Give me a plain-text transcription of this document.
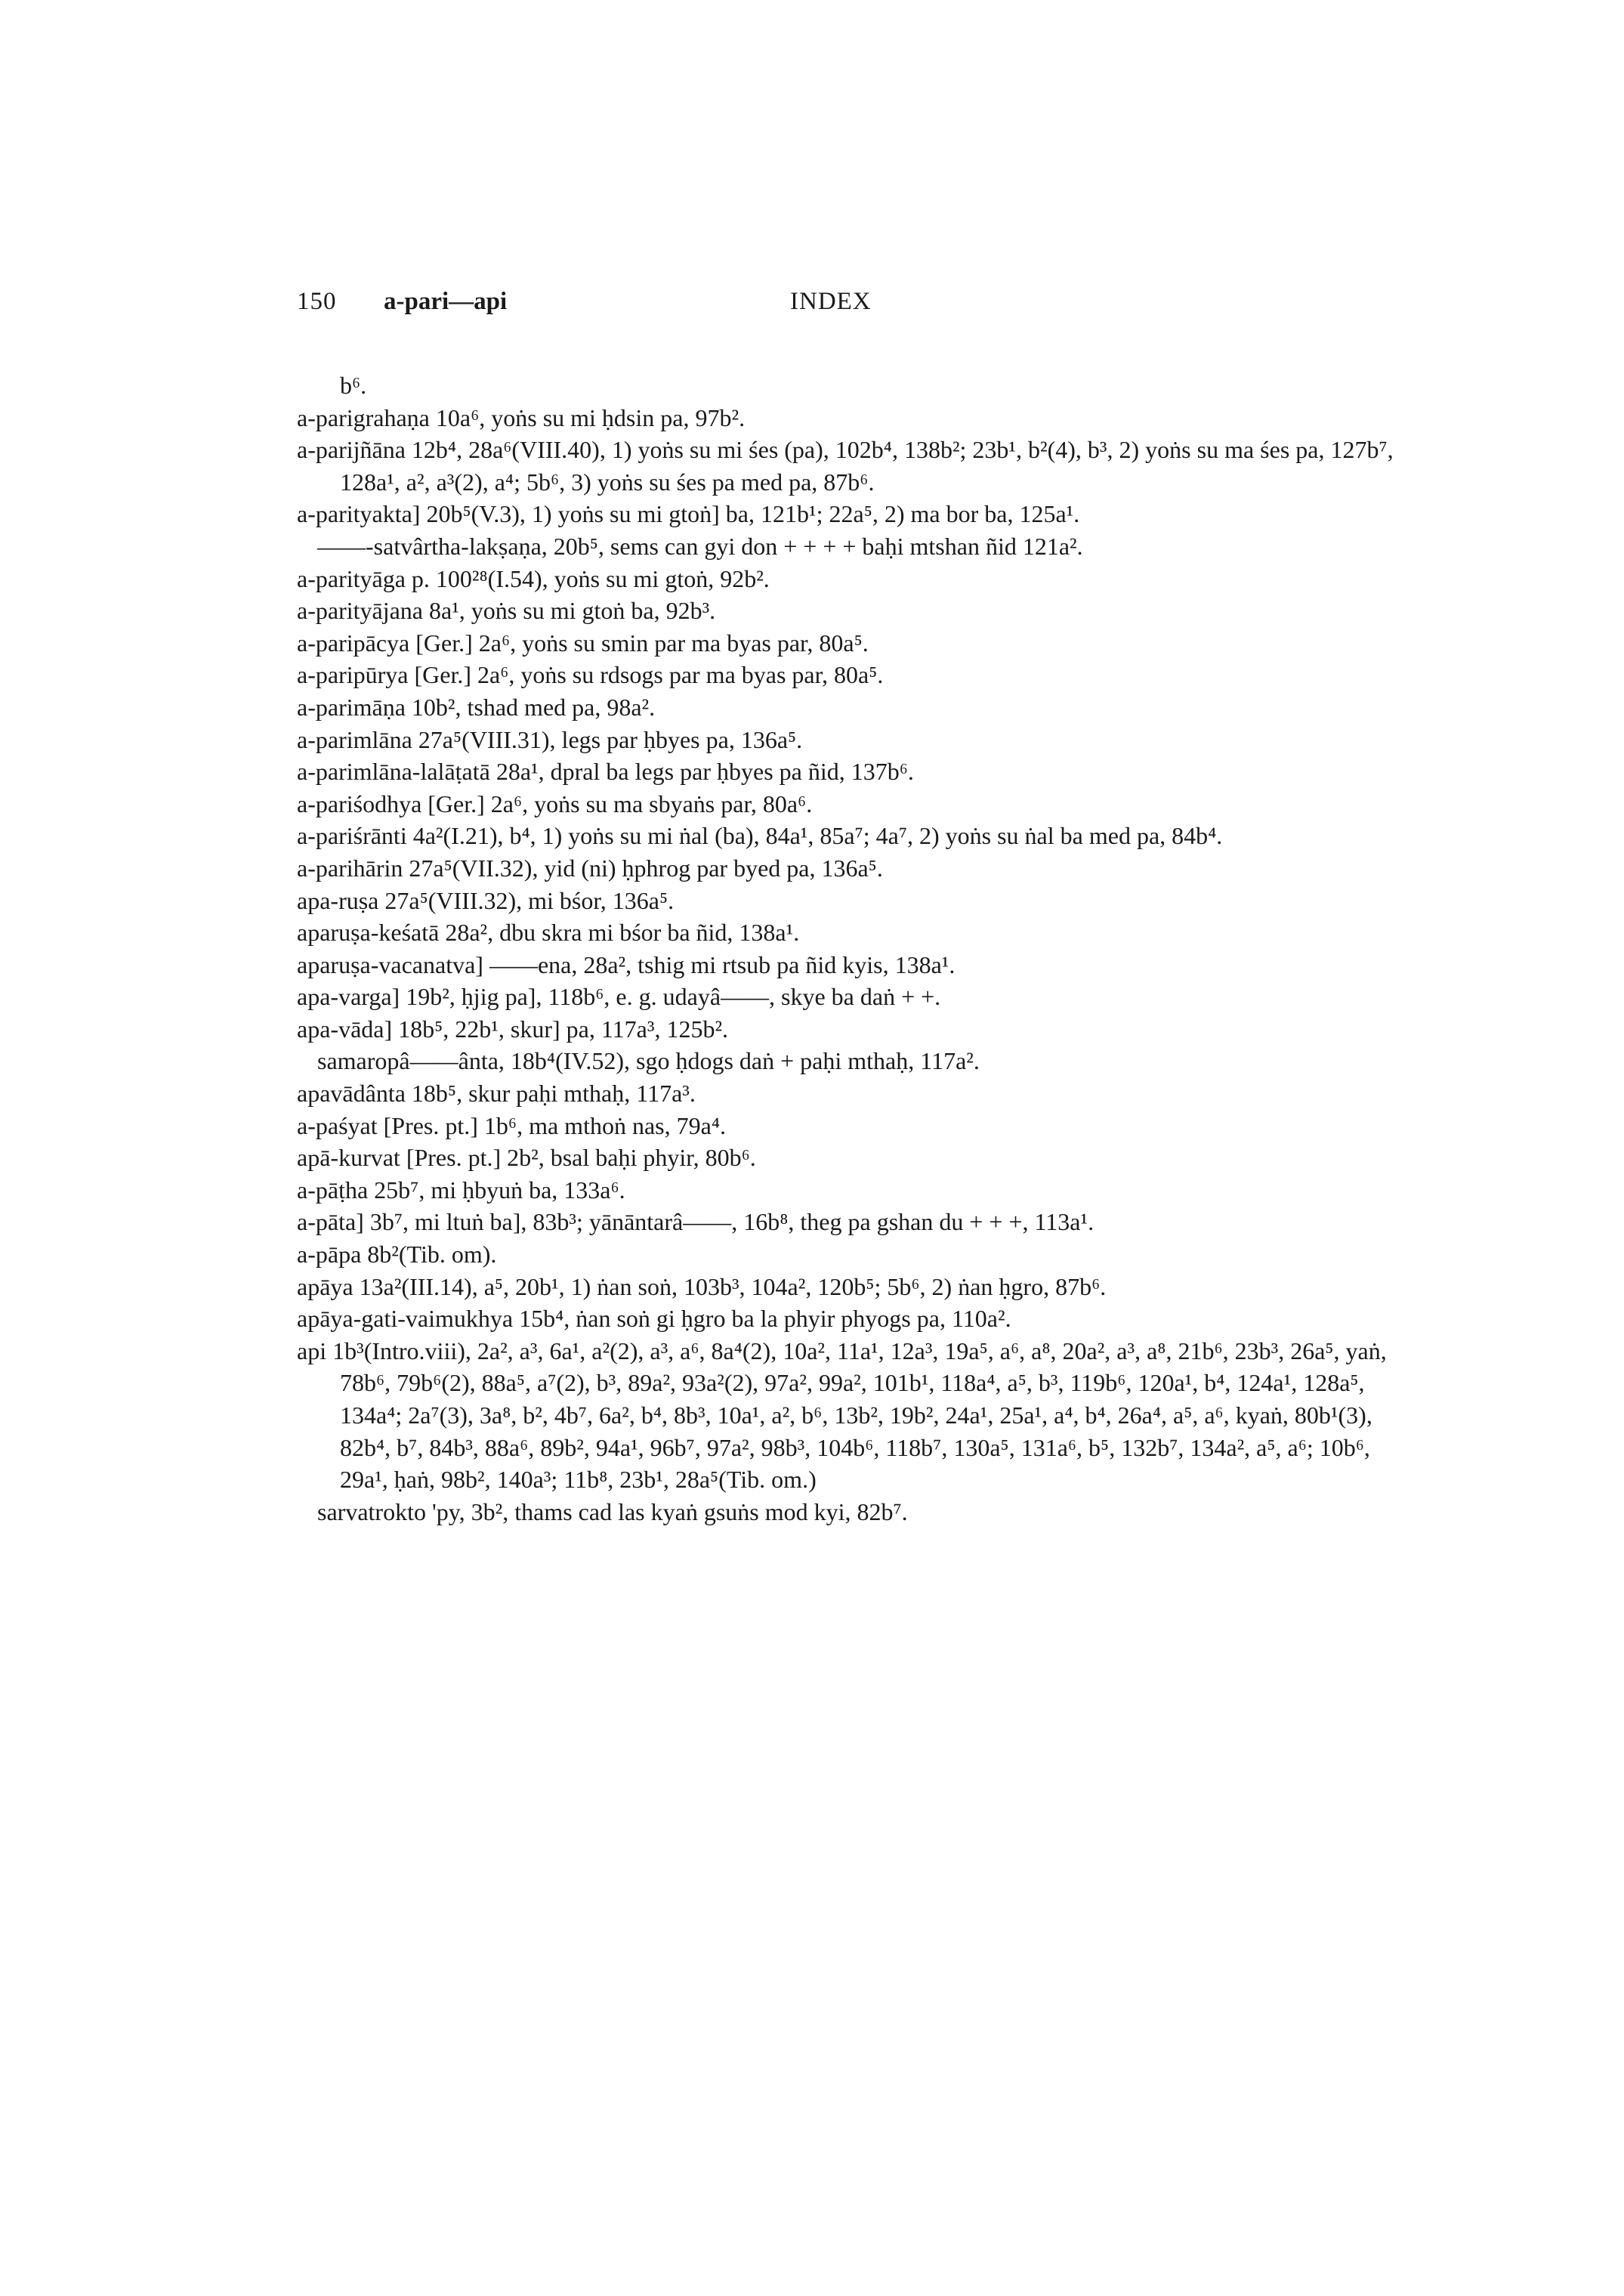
150 a-pari—api	INDEX

b⁶.

a-parigrahaṇa 10a⁶, yoṅs su mi ḥdsin pa, 97b².

a-parijñāna 12b⁴, 28a⁶(VIII.40), 1) yoṅs su mi śes (pa), 102b⁴, 138b²; 23b¹, b²(4), b³, 2) yoṅs su ma śes pa, 127b⁷, 128a¹, a², a³(2), a⁴; 5b⁶, 3) yoṅs su śes pa med pa, 87b⁶.

a-parityakta] 20b⁵(V.3), 1) yoṅs su mi gtoṅ] ba, 121b¹; 22a⁵, 2) ma bor ba, 125a¹.

——-satvârtha-lakṣaṇa, 20b⁵, sems can gyi don + + + + baḥi mtshan ñid 121a².

a-parityāga p. 100²⁸(I.54), yoṅs su mi gtoṅ, 92b².

a-parityājana 8a¹, yoṅs su mi gtoṅ ba, 92b³.

a-paripācya [Ger.] 2a⁶, yoṅs su smin par ma byas par, 80a⁵.

a-paripūrya [Ger.] 2a⁶, yoṅs su rdsogs par ma byas par, 80a⁵.

a-parimāṇa 10b², tshad med pa, 98a².

a-parimlāna 27a⁵(VIII.31), legs par ḥbyes pa, 136a⁵.

a-parimlāna-lalāṭatā 28a¹, dpral ba legs par ḥbyes pa ñid, 137b⁶.

a-pariśodhya [Ger.] 2a⁶, yoṅs su ma sbyaṅs par, 80a⁶.

a-pariśrānti 4a²(I.21), b⁴, 1) yoṅs su mi ṅal (ba), 84a¹, 85a⁷; 4a⁷, 2) yoṅs su ṅal ba med pa, 84b⁴.

a-parihārin 27a⁵(VII.32), yid (ni) ḥphrog par byed pa, 136a⁵.

apa-ruṣa 27a⁵(VIII.32), mi bśor, 136a⁵.

aparuṣa-keśatā 28a², dbu skra mi bśor ba ñid, 138a¹.

aparuṣa-vacanatva] ——ena, 28a², tshig mi rtsub pa ñid kyis, 138a¹.

apa-varga] 19b², ḥjig pa], 118b⁶, e. g. udayâ——, skye ba daṅ + +.

apa-vāda] 18b⁵, 22b¹, skur] pa, 117a³, 125b².

samaropâ——ânta, 18b⁴(IV.52), sgo ḥdogs daṅ + paḥi mthaḥ, 117a².

apavādânta 18b⁵, skur paḥi mthaḥ, 117a³.

a-paśyat [Pres. pt.] 1b⁶, ma mthoṅ nas, 79a⁴.

apā-kurvat [Pres. pt.] 2b², bsal baḥi phyir, 80b⁶.

a-pāṭha 25b⁷, mi ḥbyuṅ ba, 133a⁶.

a-pāta] 3b⁷, mi ltuṅ ba], 83b³; yānāntarâ——, 16b⁸, theg pa gshan du + + +, 113a¹.

a-pāpa 8b²(Tib. om).

apāya 13a²(III.14), a⁵, 20b¹, 1) ṅan soṅ, 103b³, 104a², 120b⁵; 5b⁶, 2) ṅan ḥgro, 87b⁶.

apāya-gati-vaimukhya 15b⁴, ṅan soṅ gi ḥgro ba la phyir phyogs pa, 110a².

api 1b³(Intro.viii), 2a², a³, 6a¹, a²(2), a³, a⁶, 8a⁴(2), 10a², 11a¹, 12a³, 19a⁵, a⁶, a⁸, 20a², a³, a⁸, 21b⁶, 23b³, 26a⁵, yaṅ, 78b⁶, 79b⁶(2), 88a⁵, a⁷(2), b³, 89a², 93a²(2), 97a², 99a², 101b¹, 118a⁴, a⁵, b³, 119b⁶, 120a¹, b⁴, 124a¹, 128a⁵, 134a⁴; 2a⁷(3), 3a⁸, b², 4b⁷, 6a², b⁴, 8b³, 10a¹, a², b⁶, 13b², 19b², 24a¹, 25a¹, a⁴, b⁴, 26a⁴, a⁵, a⁶, kyaṅ, 80b¹(3), 82b⁴, b⁷, 84b³, 88a⁶, 89b², 94a¹, 96b⁷, 97a², 98b³, 104b⁶, 118b⁷, 130a⁵, 131a⁶, b⁵, 132b⁷, 134a², a⁵, a⁶; 10b⁶, 29a¹, ḥaṅ, 98b², 140a³; 11b⁸, 23b¹, 28a⁵(Tib. om.)

sarvatrokto 'py, 3b², thams cad las kyaṅ gsuṅs mod kyi, 82b⁷.
